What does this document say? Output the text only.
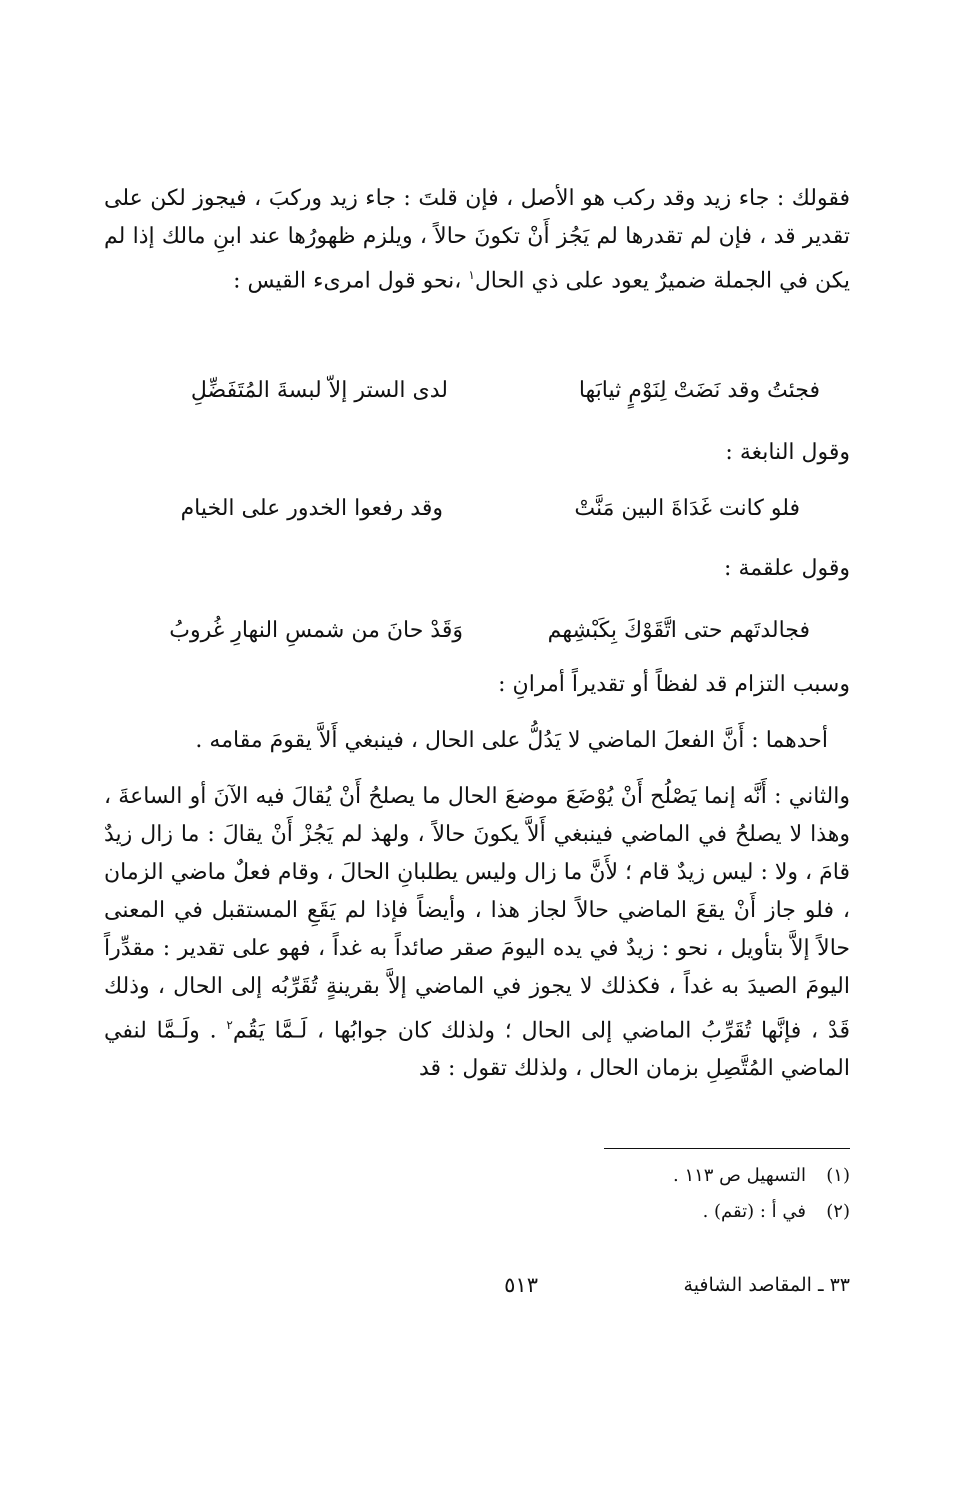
فقولك : جاء زيد وقد ركب هو الأصل ، فإن قلتَ : جاء زيد وركبَ ، فيجوز لكن على تقدير قد ، فإن لم تقدرها لم يَجُز أَنْ تكونَ حالاً ، ويلزم ظهورُها عند ابنِ مالك إذا لم يكن في الجملة ضميرٌ يعود على ذي الحال$^١$ ،نحو قول امرىء القيس :
فجئتُ وقد نَضَتْ لِنَوْمٍ ثيابَها
لدى الستر إلاّ لبسةَ المُتَفَضِّلِ
وقول النابغة :
فلو كانت غَدَاةَ البين مَنَّتْ
وقد رفعوا الخدور على الخيام
وقول علقمة :
فجالدتَهم حتى اتَّقَوْكَ بِكَبْشِهم
وَقَدْ حانَ من شمسِ النهارِ غُروبُ
وسبب التزام قد لفظاً أو تقديراً أمرانِ :
أحدهما : أَنَّ الفعلَ الماضي لا يَدُلُّ على الحال ، فينبغي أَلاَّ يقومَ مقامه .
والثاني : أَنَّه إنما يَصْلُح أَنْ يُوْضَعَ موضعَ الحال ما يصلحُ أَنْ يُقالَ فيه الآنَ أو الساعةَ ، وهذا لا يصلحُ في الماضي فينبغي أَلاَّ يكونَ حالاً ، ولهذ لم يَجُزْ أَنْ يقالَ : ما زال زيدٌ قامَ ، ولا : ليس زيدٌ قام ؛ لأَنَّ ما زال وليس يطلبانِ الحالَ ، وقام فعلٌ ماضي الزمان ، فلو جاز أَنْ يقعَ الماضي حالاً لجاز هذا ، وأيضاً فإذا لم يَقَعِ المستقبل في المعنى حالاً إلاَّ بتأويل ، نحو : زيدٌ في يده اليومَ صقر صائداً به غداً ، فهو على تقدير : مقدِّراً اليومَ الصيدَ به غداً ، فكذلك لا يجوز في الماضي إلاَّ بقرينةٍ تُقَرِّبُه إلى الحال ، وذلك قَدْ ، فإنَّها تُقَرِّبُ الماضي إلى الحال ؛ ولذلك كان جوابُها ، لَـمَّا يَقُم$^٢$ . ولَـمَّا لنفي الماضي المُتَّصِلِ بزمان الحال ، ولذلك تقول : قد
(١)التسهيل ص ١١٣ .
(٢)في أ : (تقم) .
٣٣ ـ المقاصد الشافية
٥١٣
